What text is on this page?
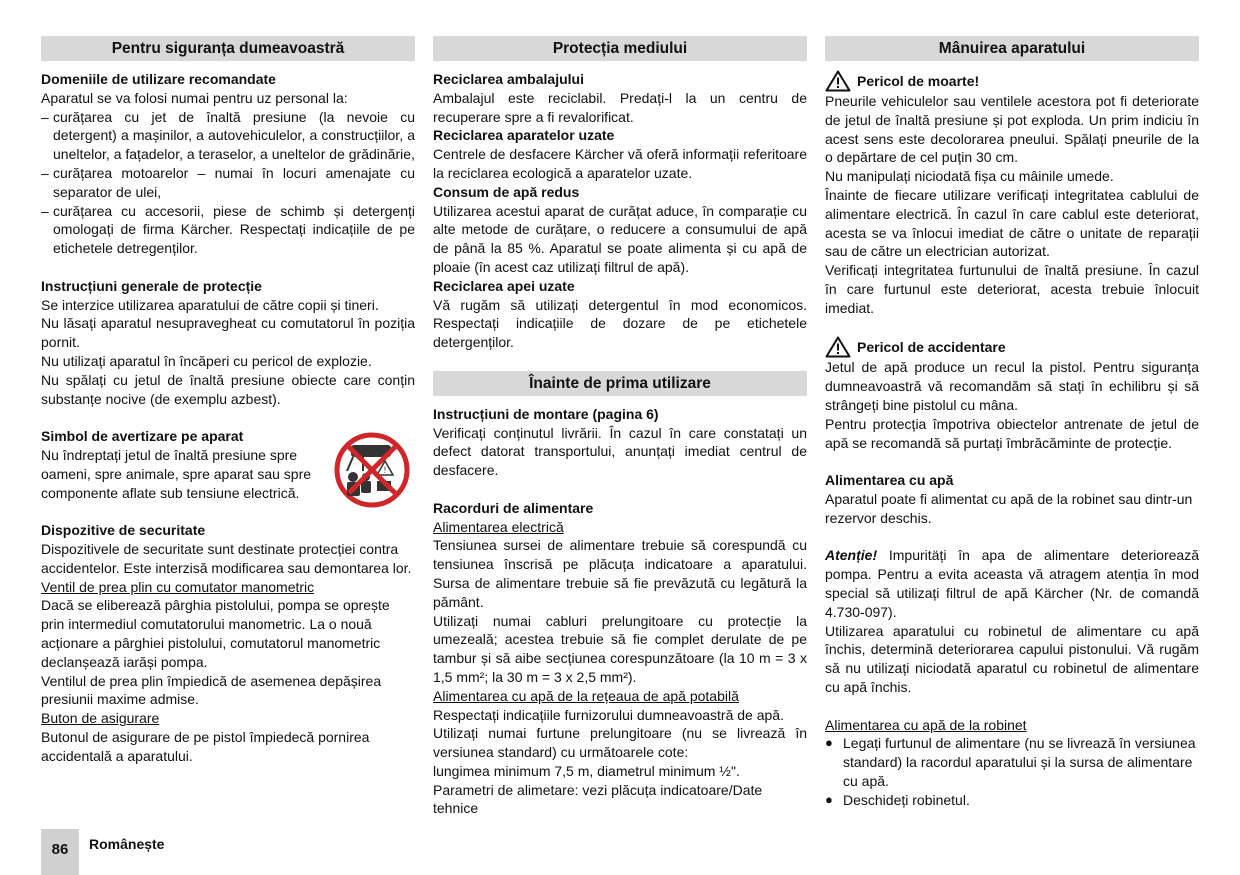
Pentru siguranța dumeavoastră
Domeniile de utilizare recomandate

Aparatul se va folosi numai pentru uz personal la:

– curățarea cu jet de înaltă presiune (la nevoie cu detergent) a mașinilor, a autovehiculelor, a construcțiilor, a uneltelor, a fațadelor, a teraselor, a uneltelor de grădinărie,
– curățarea motoarelor – numai în locuri amenajate cu separator de ulei,
– curățarea cu accesorii, piese de schimb și detergenți omologați de firma Kärcher. Respectați indicațiile de pe etichetele detregenților.
Instrucțiuni generale de protecție

Se interzice utilizarea aparatului de către copii și tineri.

Nu lăsați aparatul nesupravegheat cu comutatorul în poziția pornit.

Nu utilizați aparatul în încăperi cu pericol de explozie.

Nu spălați cu jetul de înaltă presiune obiecte care conțin substanțe nocive (de exemplu azbest).

Simbol de avertizare pe aparat

Nu îndreptați jetul de înaltă presiune spre oameni, spre animale, spre aparat sau spre componente aflate sub tensiune electrică.

!
Dispozitive de securitate

Dispozitivele de securitate sunt destinate protecției contra accidentelor. Este interzisă modificarea sau demontarea lor.

Ventil de prea plin cu comutator manometric

Dacă se eliberează pârghia pistolului, pompa se oprește prin intermediul comutatorului manometric. La o nouă acționare a pârghiei pistolului, comutatorul manometric declanșează iarăși pompa.

Ventilul de prea plin împiedică de asemenea depășirea presiunii maxime admise.

Buton de asigurare

Butonul de asigurare de pe pistol împiedecă pornirea accidentală a aparatului.

Protecția mediului
Reciclarea ambalajului

Ambalajul este reciclabil. Predați-l la un centru de recuperare spre a fi revalorificat.

Reciclarea aparatelor uzate

Centrele de desfacere Kärcher vă oferă informații referitoare la reciclarea ecologică a aparatelor uzate.

Consum de apă redus

Utilizarea acestui aparat de curățat aduce, în comparație cu alte metode de curățare, o reducere a consumului de apă de până la 85 %. Aparatul se poate alimenta și cu apă de ploaie (în acest caz utilizați filtrul de apă).

Reciclarea apei uzate

Vă rugăm să utilizați detergentul în mod economicos. Respectați indicațiile de dozare de pe etichetele detergenților.

Înainte de prima utilizare
Instrucțiuni de montare (pagina 6)

Verificați conținutul livrării. În cazul în care constatați un defect datorat transportului, anunțați imediat centrul de desfacere.

Racorduri de alimentare

Alimentarea electrică

Tensiunea sursei de alimentare trebuie să corespundă cu tensiunea înscrisă pe plăcuța indicatoare a aparatului. Sursa de alimentare trebuie să fie prevăzută cu legătură la pământ.

Utilizați numai cabluri prelungitoare cu protecție la umezeală; acestea trebuie să fie complet derulate de pe tambur și să aibe secțiunea corespunzătoare (la 10 m = 3 x 1,5 mm²; la 30 m = 3 x 2,5 mm²).

Alimentarea cu apă de la rețeaua de apă potabilă

Respectați indicațiile furnizorului dumneavoastră de apă.

Utilizați numai furtune prelungitoare (nu se livrează în versiunea standard) cu următoarele cote:

lungimea minimum 7,5 m, diametrul minimum ½".

Parametri de alimetare: vezi plăcuța indicatoare/Date tehnice

Mânuirea aparatului
Pericol de moarte!

Pneurile vehiculelor sau ventilele acestora pot fi deteriorate de jetul de înaltă presiune și pot exploda. Un prim indiciu în acest sens este decolorarea pneului. Spălați pneurile de la o depărtare de cel puțin 30 cm.

Nu manipulați niciodată fișa cu mâinile umede.

Înainte de fiecare utilizare verificați integritatea cablului de alimentare electrică. În cazul în care cablul este deteriorat, acesta se va înlocui imediat de către o unitate de reparații sau de către un electrician autorizat.

Verificați integritatea furtunului de înaltă presiune. În cazul în care furtunul este deteriorat, acesta trebuie înlocuit imediat.

Pericol de accidentare

Jetul de apă produce un recul la pistol. Pentru siguranța dumneavoastră vă recomandăm să stați în echilibru și să strângeți bine pistolul cu mâna.

Pentru protecția împotriva obiectelor antrenate de jetul de apă se recomandă să purtați îmbrăcăminte de protecție.

Alimentarea cu apă

Aparatul poate fi alimentat cu apă de la robinet sau dintr-un rezervor deschis.

Atenție! Impuritäți în apa de alimentare deteriorează pompa. Pentru a evita aceasta vă atragem atenția în mod special să utilizați filtrul de apă Kärcher (Nr. de comandă 4.730-097).

Utilizarea aparatului cu robinetul de alimentare cu apă închis, determină deteriorarea capului pistonului. Vă rugăm să nu utilizați niciodată aparatul cu robinetul de alimentare cu apă închis.

Alimentarea cu apă de la robinet

● Legați furtunul de alimentare (nu se livrează în versiunea standard) la racordul aparatului și la sursa de alimentare cu apă.
● Deschideți robinetul.
86	Românește
